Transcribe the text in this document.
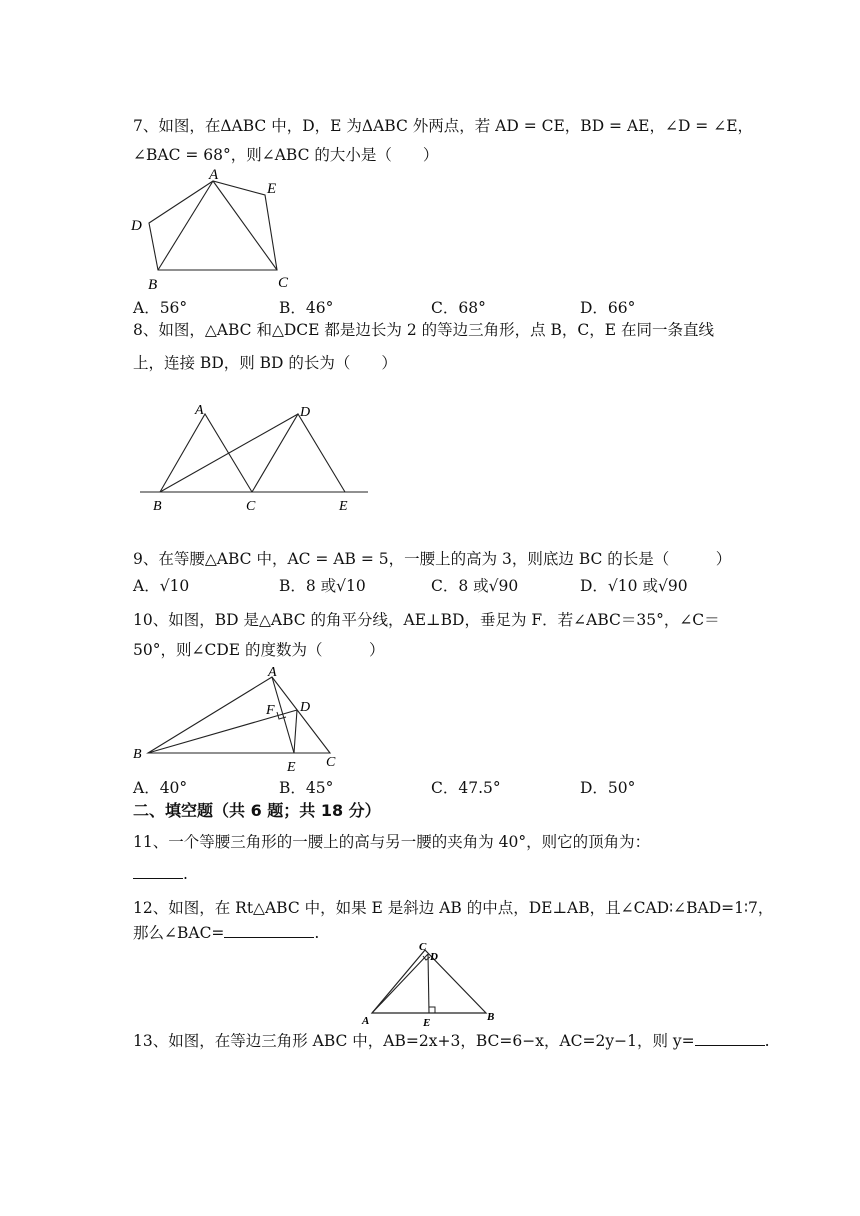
7、如图，在ΔABC 中，D，E 为ΔABC 外两点，若 AD = CE，BD = AE，∠D = ∠E，
∠BAC = 68°，则∠ABC 的大小是（　　）
A
E
D
B	C
A．56°	B．46°	C．68°	D．66°
8、如图，△ABC 和△DCE 都是边长为 2 的等边三角形，点 B，C，E 在同一条直线
上，连接 BD，则 BD 的长为（　　）
A	D
B	C	E
9、在等腰△ABC 中，AC = AB = 5，一腰上的高为 3，则底边 BC 的长是（　　　）
A．√10	B．8 或√10	C．8 或√90	D．√10 或√90
10、如图，BD 是△ABC 的角平分线，AE⊥BD，垂足为 F．若∠ABC＝35°，∠C＝
50°，则∠CDE 的度数为（　　　）
A
F D
B
E C
A．40°	B．45°	C．47.5°	D．50°
二、填空题（共 6 题；共 18 分）
11、一个等腰三角形的一腰上的高与另一腰的夹角为 40°，则它的顶角为：
.
12、如图，在 Rt△ABC 中，如果 E 是斜边 AB 的中点，DE⊥AB，且∠CAD∶∠BAD=1∶7，
那么∠BAC=	.
C
D
A	E	B
13、如图，在等边三角形 ABC 中，AB=2x+3，BC=6−x，AC=2y−1，则 y=	.
